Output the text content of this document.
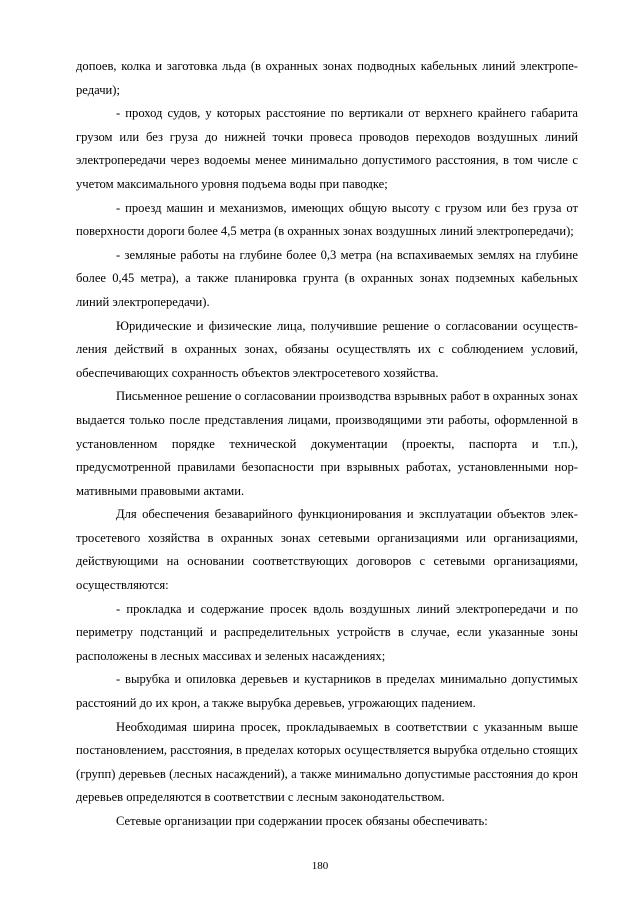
допоев, колка и заготовка льда (в охранных зонах подводных кабельных линий электропередачи);

- проход судов, у которых расстояние по вертикали от верхнего крайнего габарита грузом или без груза до нижней точки провеса проводов переходов воздушных линий электропередачи через водоемы менее минимально допустимого расстояния, в том числе с учетом максимального уровня подъема воды при паводке;

- проезд машин и механизмов, имеющих общую высоту с грузом или без груза от поверхности дороги более 4,5 метра (в охранных зонах воздушных линий электропередачи);

- земляные работы на глубине более 0,3 метра (на вспахиваемых землях на глубине более 0,45 метра), а также планировка грунта (в охранных зонах подземных кабельных линий электропередачи).

Юридические и физические лица, получившие решение о согласовании осуществления действий в охранных зонах, обязаны осуществлять их с соблюдением условий, обеспечивающих сохранность объектов электросетевого хозяйства.

Письменное решение о согласовании производства взрывных работ в охранных зонах выдается только после представления лицами, производящими эти работы, оформленной в установленном порядке технической документации (проекты, паспорта и т.п.), предусмотренной правилами безопасности при взрывных работах, установленными нормативными правовыми актами.

Для обеспечения безаварийного функционирования и эксплуатации объектов электросетевого хозяйства в охранных зонах сетевыми организациями или организациями, действующими на основании соответствующих договоров с сетевыми организациями, осуществляются:

- прокладка и содержание просек вдоль воздушных линий электропередачи и по периметру подстанций и распределительных устройств в случае, если указанные зоны расположены в лесных массивах и зеленых насаждениях;

- вырубка и опиловка деревьев и кустарников в пределах минимально допустимых расстояний до их крон, а также вырубка деревьев, угрожающих падением.

Необходимая ширина просек, прокладываемых в соответствии с указанным выше постановлением, расстояния, в пределах которых осуществляется вырубка отдельно стоящих (групп) деревьев (лесных насаждений), а также минимально допустимые расстояния до крон деревьев определяются в соответствии с лесным законодательством.

Сетевые организации при содержании просек обязаны обеспечивать:

180
